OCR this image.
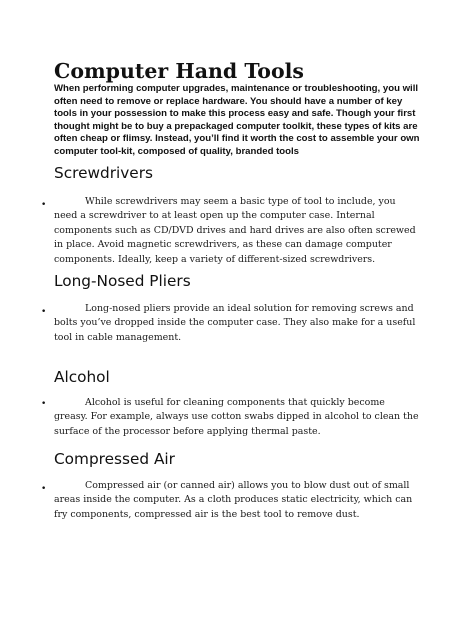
Computer Hand Tools

When performing computer upgrades, maintenance or troubleshooting, you will often need to remove or replace hardware. You should have a number of key tools in your possession to make this process easy and safe. Though your first thought might be to buy a prepackaged computer toolkit, these types of kits are often cheap or flimsy. Instead, you’ll find it worth the cost to assemble your own computer tool-kit, composed of quality, branded tools

Screwdrivers
•	While screwdrivers may seem a basic type of tool to include, you need a screwdriver to at least open up the computer case. Internal components such as CD/DVD drives and hard drives are also often screwed in place. Avoid magnetic screwdrivers, as these can damage computer components. Ideally, keep a variety of different-sized screwdrivers.

Long-Nosed Pliers
•	Long-nosed pliers provide an ideal solution for removing screws and bolts you’ve dropped inside the computer case. They also make for a useful tool in cable management.

Alcohol
•	Alcohol is useful for cleaning components that quickly become greasy. For example, always use cotton swabs dipped in alcohol to clean the surface of the processor before applying thermal paste.

Compressed Air
•	Compressed air (or canned air) allows you to blow dust out of small areas inside the computer. As a cloth produces static electricity, which can fry components, compressed air is the best tool to remove dust.
